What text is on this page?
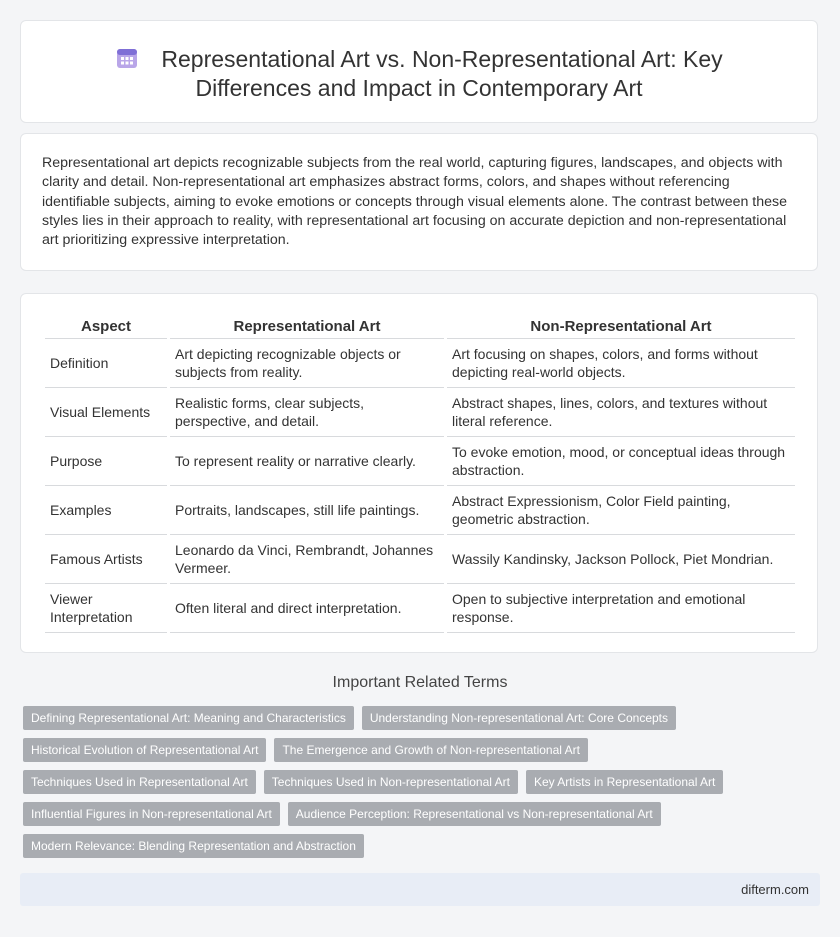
Representational Art vs. Non-Representational Art: Key Differences and Impact in Contemporary Art

Representational art depicts recognizable subjects from the real world, capturing figures, landscapes, and objects with clarity and detail. Non-representational art emphasizes abstract forms, colors, and shapes without referencing identifiable subjects, aiming to evoke emotions or concepts through visual elements alone. The contrast between these styles lies in their approach to reality, with representational art focusing on accurate depiction and non-representational art prioritizing expressive interpretation.

Aspect	Representational Art	Non-Representational Art
Definition	Art depicting recognizable objects or subjects from reality.	Art focusing on shapes, colors, and forms without depicting real-world objects.
Visual Elements	Realistic forms, clear subjects, perspective, and detail.	Abstract shapes, lines, colors, and textures without literal reference.
Purpose	To represent reality or narrative clearly.	To evoke emotion, mood, or conceptual ideas through abstraction.
Examples	Portraits, landscapes, still life paintings.	Abstract Expressionism, Color Field painting, geometric abstraction.
Famous Artists	Leonardo da Vinci, Rembrandt, Johannes Vermeer.	Wassily Kandinsky, Jackson Pollock, Piet Mondrian.
Viewer Interpretation	Often literal and direct interpretation.	Open to subjective interpretation and emotional response.
Important Related Terms
Defining Representational Art: Meaning and Characteristics	Understanding Non-representational Art: Core Concepts
Historical Evolution of Representational Art	The Emergence and Growth of Non-representational Art
Techniques Used in Representational Art	Techniques Used in Non-representational Art	Key Artists in Representational Art
Influential Figures in Non-representational Art	Audience Perception: Representational vs Non-representational Art
Modern Relevance: Blending Representation and Abstraction
difterm.com
